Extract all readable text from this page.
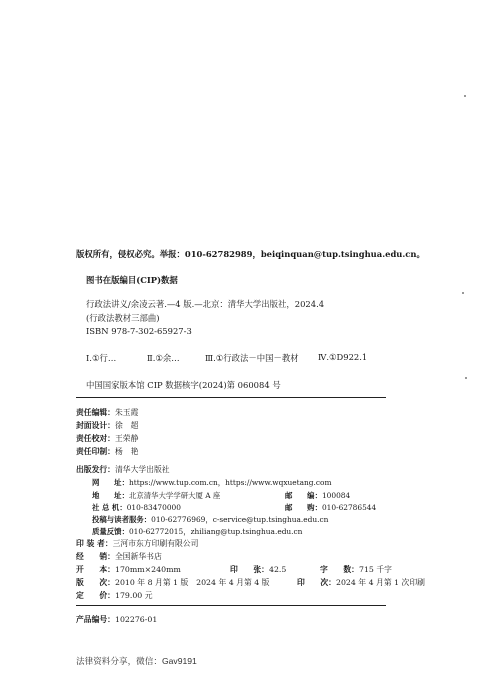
版权所有，侵权必究。举报：010-62782989，beiqinquan@tup.tsinghua.edu.cn。
图书在版编目(CIP)数据
行政法讲义/余凌云著.—4 版.—北京：清华大学出版社，2024.4
(行政法教材三部曲)
ISBN 978-7-302-65927-3
Ⅰ.①行…	Ⅱ.①余…	Ⅲ.①行政法－中国－教材 Ⅳ.①D922.1
中国国家版本馆 CIP 数据核字(2024)第 060084 号
责任编辑：朱玉霞
封面设计：徐　超
责任校对：王荣静
责任印制：杨　艳
出版发行：清华大学出版社
网　　址：https://www.tup.com.cn，https://www.wqxuetang.com
地　　址：北京清华大学学研大厦 A 座	邮　　编：100084
社 总 机：010-83470000	邮　　购：010-62786544
投稿与读者服务：010-62776969，c-service@tup.tsinghua.edu.cn
质量反馈：010-62772015，zhiliang@tup.tsinghua.edu.cn
印 装 者：三河市东方印刷有限公司
经　　销：全国新华书店
开　　本：170mm×240mm	印　　张：42.5	字　　数：715 千字
版　　次：2010 年 8 月第 1 版　2024 年 4 月第 4 版	印　　次：2024 年 4 月第 1 次印刷
定　　价：179.00 元
产品编号：102276-01
法律资料分享，微信：Gav9191
